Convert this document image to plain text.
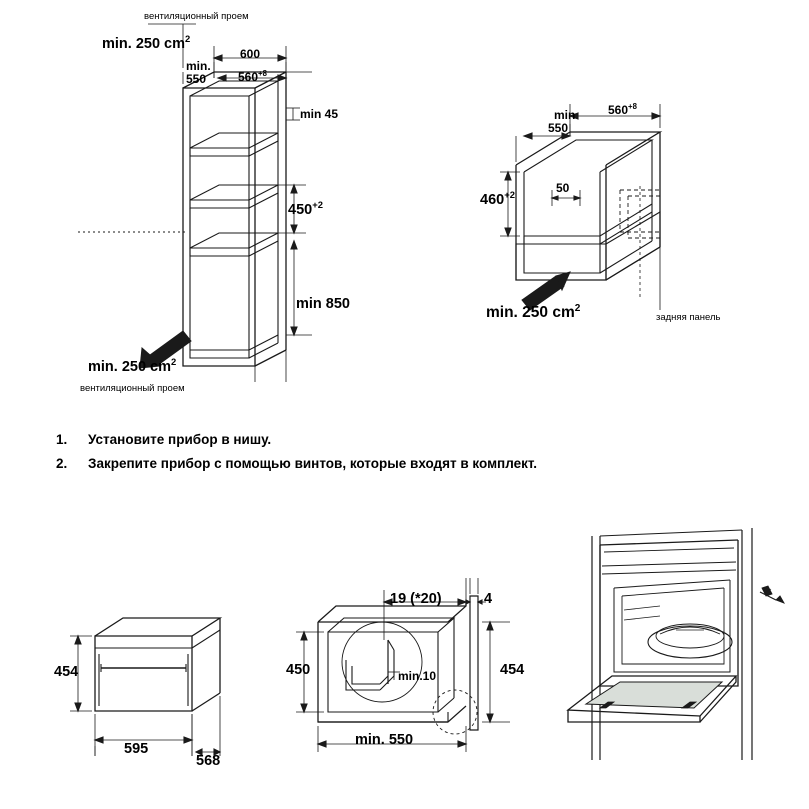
вентиляционный проем
min. 250 $cm^2$
600
min.
550	$560^{+8}$
min 45
$450^{+2}$
min 850
min. 250 $cm^2$
вентиляционный проем
min
550
$560^{+8}$
$460^{+2}$	50
min. 250 $cm^2$
задняя панель
1. Установите прибор в нишу.
2. Закрепите прибор с помощью винтов, которые входят в комплект.
454
595
568
19 (*20)	4
450	454
min.10
min. 550
